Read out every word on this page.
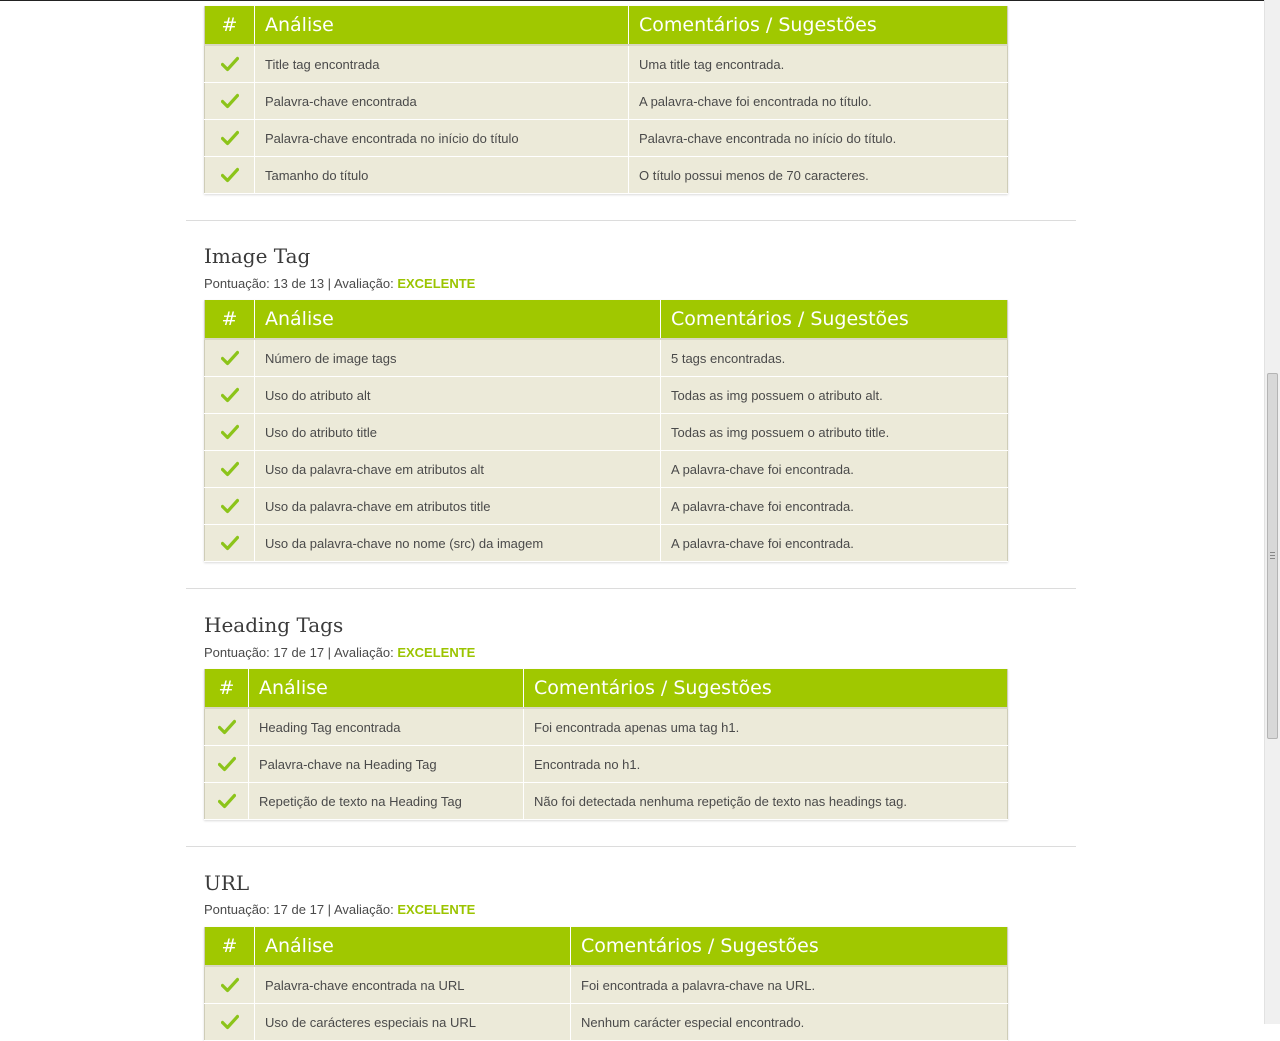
#	Análise	Comentários / Sugestões
	Title tag encontrada	Uma title tag encontrada.
	Palavra-chave encontrada	A palavra-chave foi encontrada no título.
	Palavra-chave encontrada no início do título	Palavra-chave encontrada no início do título.
	Tamanho do título	O título possui menos de 70 caracteres.
Image Tag
Pontuação: 13 de 13 | Avaliação: EXCELENTE
#	Análise	Comentários / Sugestões
	Número de image tags	5 tags encontradas.
	Uso do atributo alt	Todas as img possuem o atributo alt.
	Uso do atributo title	Todas as img possuem o atributo title.
	Uso da palavra-chave em atributos alt	A palavra-chave foi encontrada.
	Uso da palavra-chave em atributos title	A palavra-chave foi encontrada.
	Uso da palavra-chave no nome (src) da imagem	A palavra-chave foi encontrada.
Heading Tags
Pontuação: 17 de 17 | Avaliação: EXCELENTE
#	Análise	Comentários / Sugestões
	Heading Tag encontrada	Foi encontrada apenas uma tag h1.
	Palavra-chave na Heading Tag	Encontrada no h1.
	Repetição de texto na Heading Tag	Não foi detectada nenhuma repetição de texto nas headings tag.
URL
Pontuação: 17 de 17 | Avaliação: EXCELENTE
#	Análise	Comentários / Sugestões
	Palavra-chave encontrada na URL	Foi encontrada a palavra-chave na URL.
	Uso de carácteres especiais na URL	Nenhum carácter especial encontrado.
